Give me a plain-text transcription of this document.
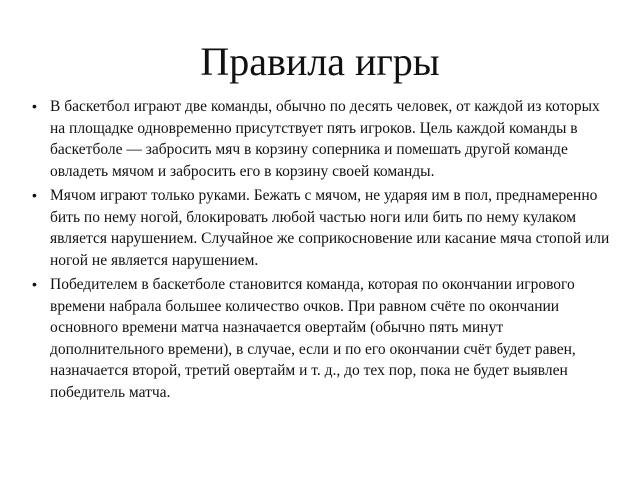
Правила игры
• В баскетбол играют две команды, обычно по десять человек, от каждой из которых на площадке одновременно присутствует пять игроков. Цель каждой команды в баскетболе — забросить мяч в корзину соперника и помешать другой команде овладеть мячом и забросить его в корзину своей команды.
• Мячом играют только руками. Бежать с мячом, не ударяя им в пол, преднамеренно бить по нему ногой, блокировать любой частью ноги или бить по нему кулаком является нарушением. Случайное же соприкосновение или касание мяча стопой или ногой не является нарушением.
• Победителем в баскетболе становится команда, которая по окончании игрового времени набрала большее количество очков. При равном счёте по окончании основного времени матча назначается овертайм (обычно пять минут дополнительного времени), в случае, если и по его окончании счёт будет равен, назначается второй, третий овертайм и т. д., до тех пор, пока не будет выявлен победитель матча.
